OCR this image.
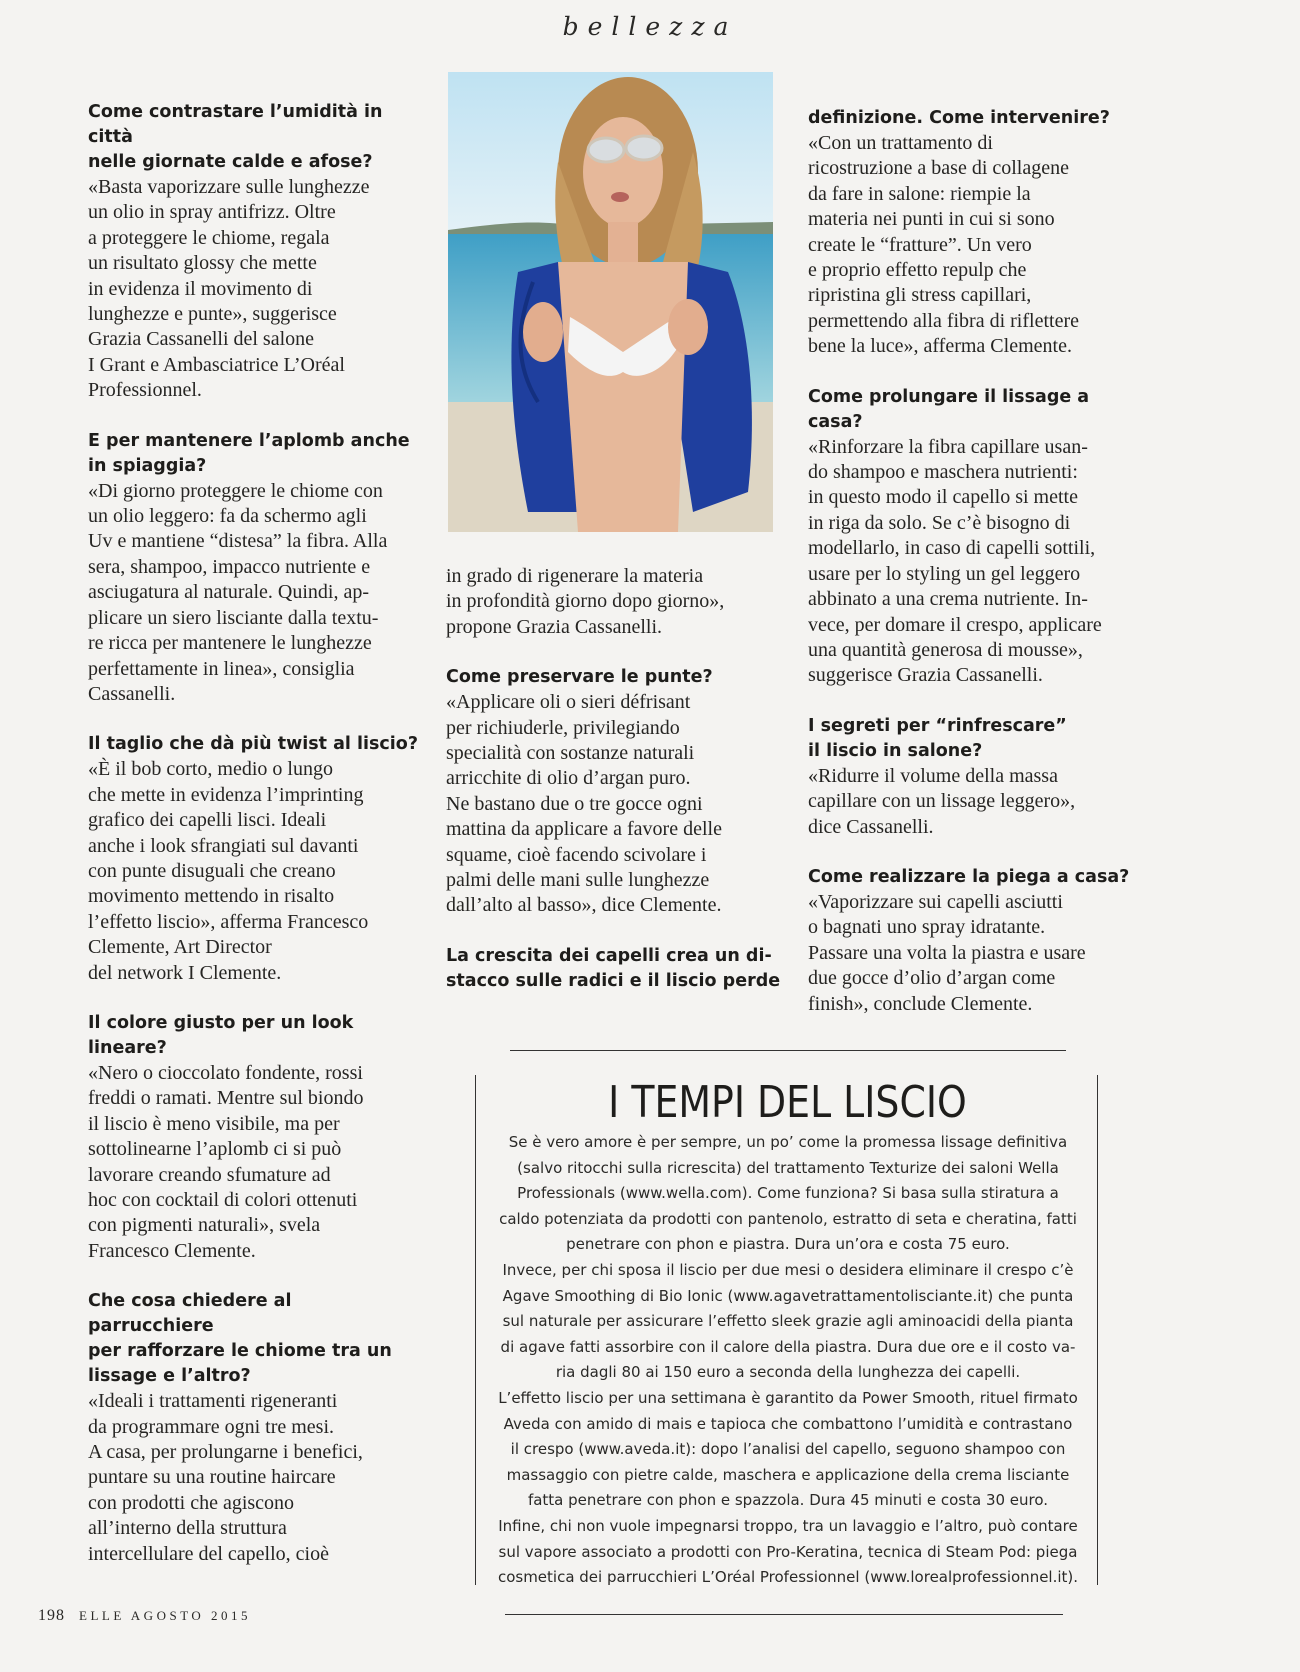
bellezza
Come contrastare l’umidità in città
nelle giornate calde e afose?
«Basta vaporizzare sulle lunghezze
un olio in spray antifrizz. Oltre
a proteggere le chiome, regala
un risultato glossy che mette
in evidenza il movimento di
lunghezze e punte», suggerisce
Grazia Cassanelli del salone
I Grant e Ambasciatrice L’Oréal
Professionnel.
E per mantenere l’aplomb anche
in spiaggia?
«Di giorno proteggere le chiome con
un olio leggero: fa da schermo agli
Uv e mantiene “distesa” la fibra. Alla
sera, shampoo, impacco nutriente e
asciugatura al naturale. Quindi, ap-
plicare un siero lisciante dalla textu-
re ricca per mantenere le lunghezze
perfettamente in linea», consiglia
Cassanelli.
Il taglio che dà più twist al liscio?
«È il bob corto, medio o lungo
che mette in evidenza l’imprinting
grafico dei capelli lisci. Ideali
anche i look sfrangiati sul davanti
con punte disuguali che creano
movimento mettendo in risalto
l’effetto liscio», afferma Francesco
Clemente, Art Director
del network I Clemente.
Il colore giusto per un look lineare?
«Nero o cioccolato fondente, rossi
freddi o ramati. Mentre sul biondo
il liscio è meno visibile, ma per
sottolinearne l’aplomb ci si può
lavorare creando sfumature ad
hoc con cocktail di colori ottenuti
con pigmenti naturali», svela
Francesco Clemente.
Che cosa chiedere al parrucchiere
per rafforzare le chiome tra un
lissage e l’altro?
«Ideali i trattamenti rigeneranti
da programmare ogni tre mesi.
A casa, per prolungarne i benefici,
puntare su una routine haircare
con prodotti che agiscono
all’interno della struttura
intercellulare del capello, cioè
in grado di rigenerare la materia
in profondità giorno dopo giorno»,
propone Grazia Cassanelli.
Come preservare le punte?
«Applicare oli o sieri défrisant
per richiuderle, privilegiando
specialità con sostanze naturali
arricchite di olio d’argan puro.
Ne bastano due o tre gocce ogni
mattina da applicare a favore delle
squame, cioè facendo scivolare i
palmi delle mani sulle lunghezze
dall’alto al basso», dice Clemente.
La crescita dei capelli crea un di-
stacco sulle radici e il liscio perde
definizione. Come intervenire?
«Con un trattamento di
ricostruzione a base di collagene
da fare in salone: riempie la
materia nei punti in cui si sono
create le “fratture”. Un vero
e proprio effetto repulp che
ripristina gli stress capillari,
permettendo alla fibra di riflettere
bene la luce», afferma Clemente.
Come prolungare il lissage a casa?
«Rinforzare la fibra capillare usan-
do shampoo e maschera nutrienti:
in questo modo il capello si mette
in riga da solo. Se c’è bisogno di
modellarlo, in caso di capelli sottili,
usare per lo styling un gel leggero
abbinato a una crema nutriente. In-
vece, per domare il crespo, applicare
una quantità generosa di mousse»,
suggerisce Grazia Cassanelli.
I segreti per “rinfrescare”
il liscio in salone?
«Ridurre il volume della massa
capillare con un lissage leggero»,
dice Cassanelli.
Come realizzare la piega a casa?
«Vaporizzare sui capelli asciutti
o bagnati uno spray idratante.
Passare una volta la piastra e usare
due gocce d’olio d’argan come
finish», conclude Clemente.
I TEMPI DEL LISCIO

Se è vero amore è per sempre, un po’ come la promessa lissage definitiva

(salvo ritocchi sulla ricrescita) del trattamento Texturize dei saloni Wella

Professionals (www.wella.com). Come funziona? Si basa sulla stiratura a

caldo potenziata da prodotti con pantenolo, estratto di seta e cheratina, fatti

penetrare con phon e piastra. Dura un’ora e costa 75 euro.

Invece, per chi sposa il liscio per due mesi o desidera eliminare il crespo c’è

Agave Smoothing di Bio Ionic (www.agavetrattamentolisciante.it) che punta

sul naturale per assicurare l’effetto sleek grazie agli aminoacidi della pianta

di agave fatti assorbire con il calore della piastra. Dura due ore e il costo va-

ria dagli 80 ai 150 euro a seconda della lunghezza dei capelli.

L’effetto liscio per una settimana è garantito da Power Smooth, rituel firmato

Aveda con amido di mais e tapioca che combattono l’umidità e contrastano

il crespo (www.aveda.it): dopo l’analisi del capello, seguono shampoo con

massaggio con pietre calde, maschera e applicazione della crema lisciante

fatta penetrare con phon e spazzola. Dura 45 minuti e costa 30 euro.

Infine, chi non vuole impegnarsi troppo, tra un lavaggio e l’altro, può contare

sul vapore associato a prodotti con Pro-Keratina, tecnica di Steam Pod: piega

cosmetica dei parrucchieri L’Oréal Professionnel (www.lorealprofessionnel.it).

198 ELLE AGOSTO 2015
